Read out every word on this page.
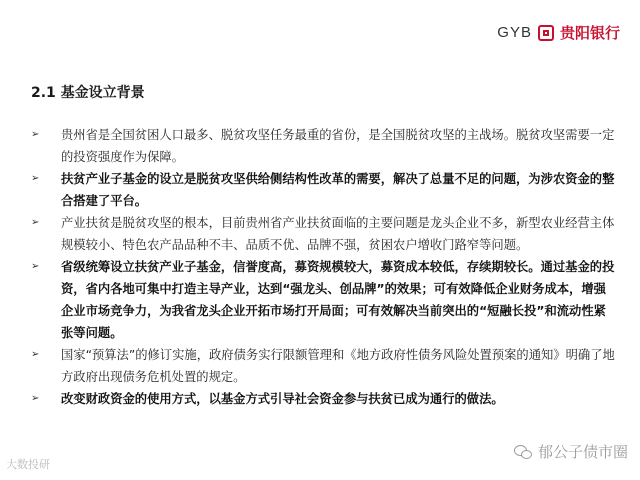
GYB 贵阳银行
2.1 基金设立背景
➢ 贵州省是全国贫困人口最多、脱贫攻坚任务最重的省份，是全国脱贫攻坚的主战场。脱贫攻坚需要一定的投资强度作为保障。
➢ 扶贫产业子基金的设立是脱贫攻坚供给侧结构性改革的需要，解决了总量不足的问题，为涉农资金的整合搭建了平台。
➢ 产业扶贫是脱贫攻坚的根本，目前贵州省产业扶贫面临的主要问题是龙头企业不多，新型农业经营主体规模较小、特色农产品品种不丰、品质不优、品牌不强，贫困农户增收门路窄等问题。
➢ 省级统筹设立扶贫产业子基金，信誉度高，募资规模较大，募资成本较低，存续期较长。通过基金的投资，省内各地可集中打造主导产业，达到“强龙头、创品牌”的效果；可有效降低企业财务成本，增强企业市场竞争力，为我省龙头企业开拓市场打开局面；可有效解决当前突出的“短融长投”和流动性紧张等问题。
➢ 国家“预算法”的修订实施，政府债务实行限额管理和《地方政府性债务风险处置预案的通知》明确了地方政府出现债务危机处置的规定。
➢ 改变财政资金的使用方式，以基金方式引导社会资金参与扶贫已成为通行的做法。
大数投研
郁公子债市圈
